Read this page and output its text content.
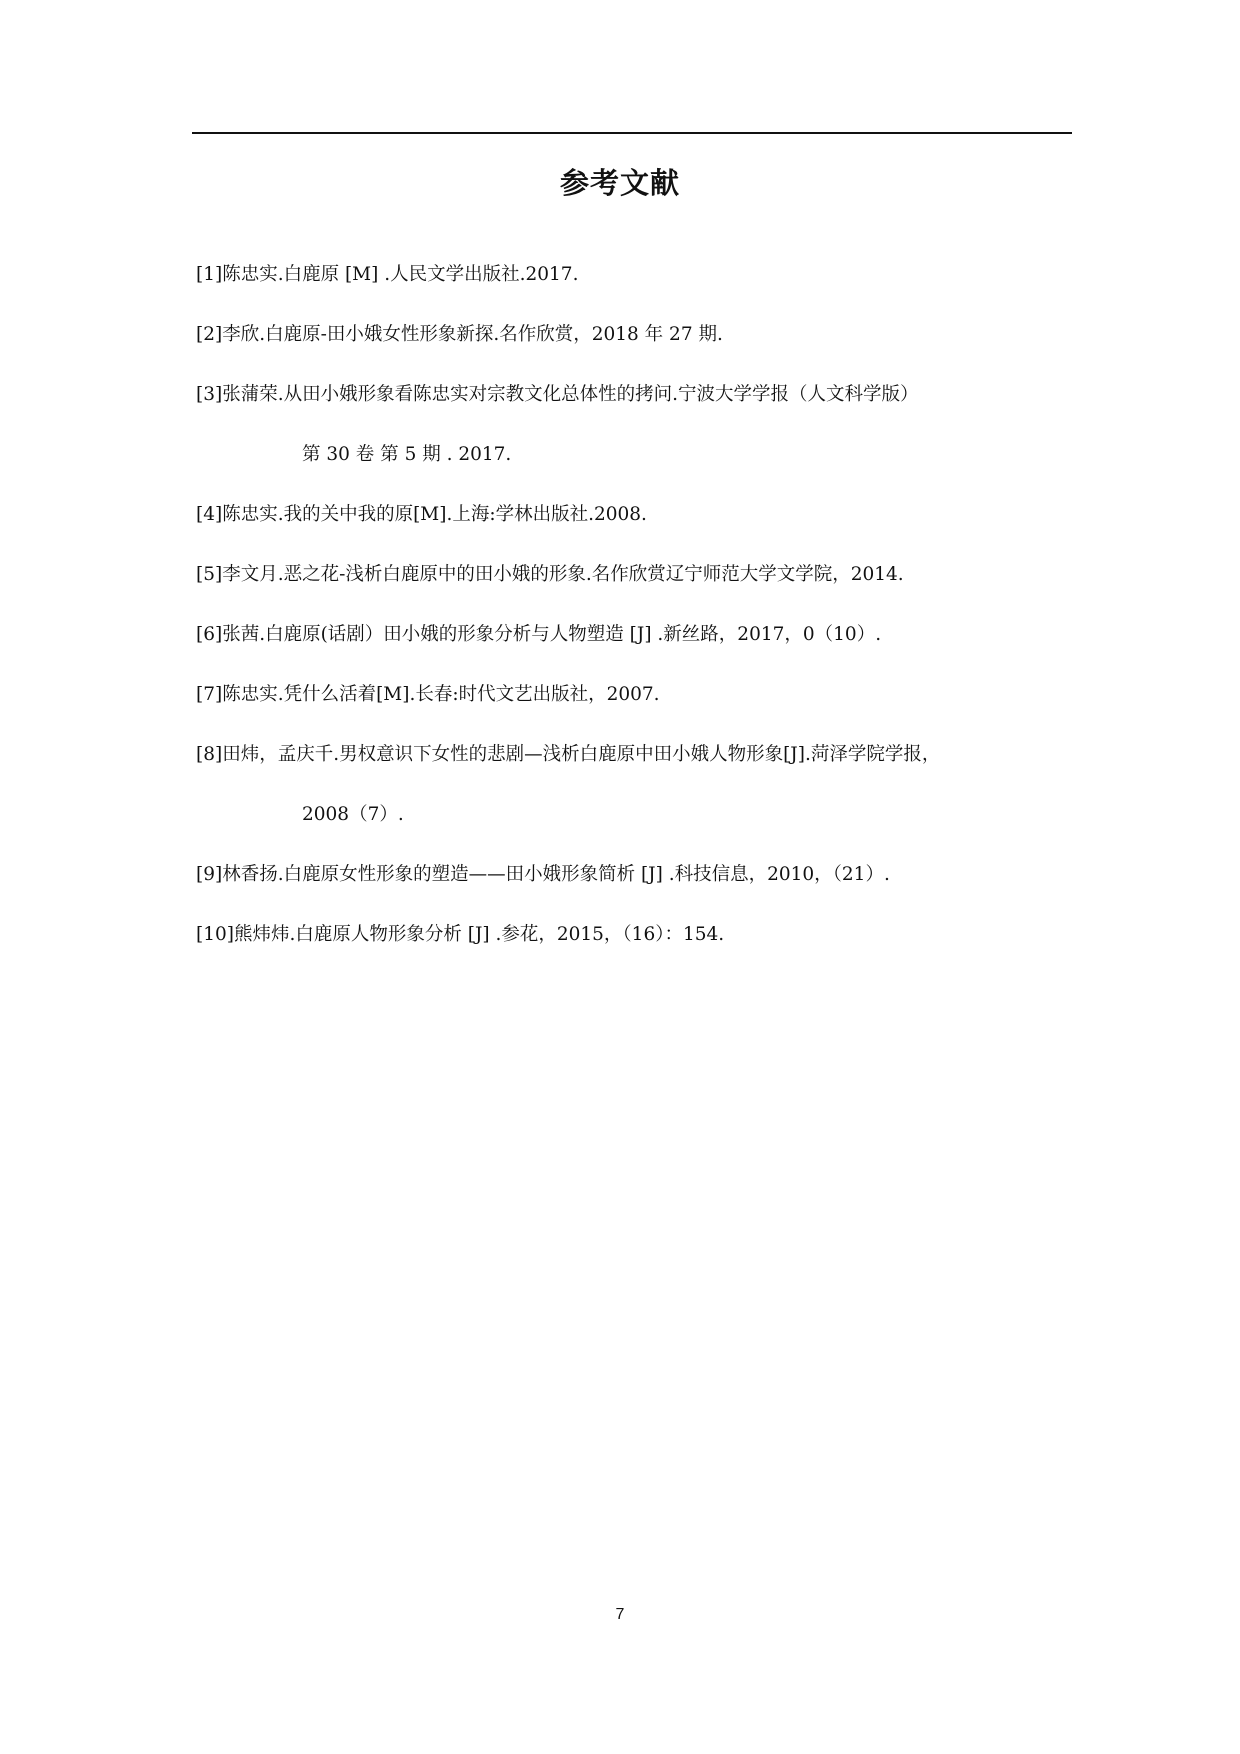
参考文献
[1]陈忠实.白鹿原 [M] .人民文学出版社.2017.
[2]李欣.白鹿原-田小娥女性形象新探.名作欣赏，2018 年 27 期.
[3]张蒲荣.从田小娥形象看陈忠实对宗教文化总体性的拷问.宁波大学学报（人文科学版）
第 30 卷 第 5 期 . 2017.
[4]陈忠实.我的关中我的原[M].上海:学林出版社.2008.
[5]李文月.恶之花-浅析白鹿原中的田小娥的形象.名作欣赏辽宁师范大学文学院，2014.
[6]张茜.白鹿原(话剧）田小娥的形象分析与人物塑造 [J] .新丝路，2017，0（10）.
[7]陈忠实.凭什么活着[M].长春:时代文艺出版社，2007.
[8]田炜，孟庆千.男权意识下女性的悲剧—浅析白鹿原中田小娥人物形象[J].菏泽学院学报，
2008（7）.
[9]林香扬.白鹿原女性形象的塑造——田小娥形象简析 [J] .科技信息，2010，（21）.
[10]熊炜炜.白鹿原人物形象分析 [J] .参花，2015，（16）：154.
7
